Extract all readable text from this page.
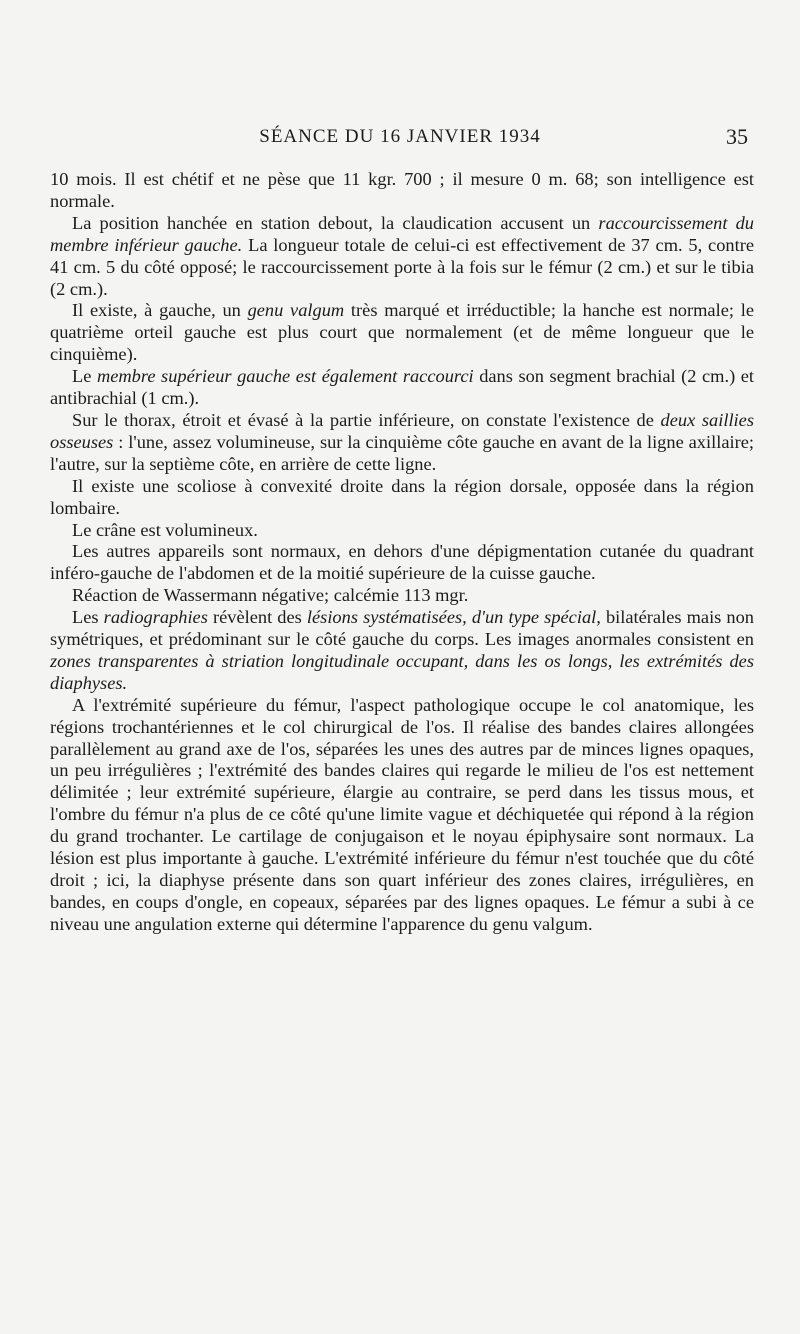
SÉANCE DU 16 JANVIER 1934	35

10 mois. Il est chétif et ne pèse que 11 kgr. 700 ; il mesure 0 m. 68; son intelligence est normale.

La position hanchée en station debout, la claudication accusent un raccourcissement du membre inférieur gauche. La longueur totale de celui-ci est effectivement de 37 cm. 5, contre 41 cm. 5 du côté opposé; le raccourcissement porte à la fois sur le fémur (2 cm.) et sur le tibia (2 cm.).

Il existe, à gauche, un genu valgum très marqué et irréductible; la hanche est normale; le quatrième orteil gauche est plus court que normalement (et de même longueur que le cinquième).

Le membre supérieur gauche est également raccourci dans son segment brachial (2 cm.) et antibrachial (1 cm.).

Sur le thorax, étroit et évasé à la partie inférieure, on constate l'existence de deux saillies osseuses : l'une, assez volumineuse, sur la cinquième côte gauche en avant de la ligne axillaire; l'autre, sur la septième côte, en arrière de cette ligne.

Il existe une scoliose à convexité droite dans la région dorsale, opposée dans la région lombaire.

Le crâne est volumineux.

Les autres appareils sont normaux, en dehors d'une dépigmentation cutanée du quadrant inféro-gauche de l'abdomen et de la moitié supérieure de la cuisse gauche.

Réaction de Wassermann négative; calcémie 113 mgr.

Les radiographies révèlent des lésions systématisées, d'un type spécial, bilatérales mais non symétriques, et prédominant sur le côté gauche du corps. Les images anormales consistent en zones transparentes à striation longitudinale occupant, dans les os longs, les extrémités des diaphyses.

A l'extrémité supérieure du fémur, l'aspect pathologique occupe le col anatomique, les régions trochantériennes et le col chirurgical de l'os. Il réalise des bandes claires allongées parallèlement au grand axe de l'os, séparées les unes des autres par de minces lignes opaques, un peu irrégulières ; l'extrémité des bandes claires qui regarde le milieu de l'os est nettement délimitée ; leur extrémité supérieure, élargie au contraire, se perd dans les tissus mous, et l'ombre du fémur n'a plus de ce côté qu'une limite vague et déchiquetée qui répond à la région du grand trochanter. Le cartilage de conjugaison et le noyau épiphysaire sont normaux. La lésion est plus importante à gauche. L'extrémité inférieure du fémur n'est touchée que du côté droit ; ici, la diaphyse présente dans son quart inférieur des zones claires, irrégulières, en bandes, en coups d'ongle, en copeaux, séparées par des lignes opaques. Le fémur a subi à ce niveau une angulation externe qui détermine l'apparence du genu valgum.
